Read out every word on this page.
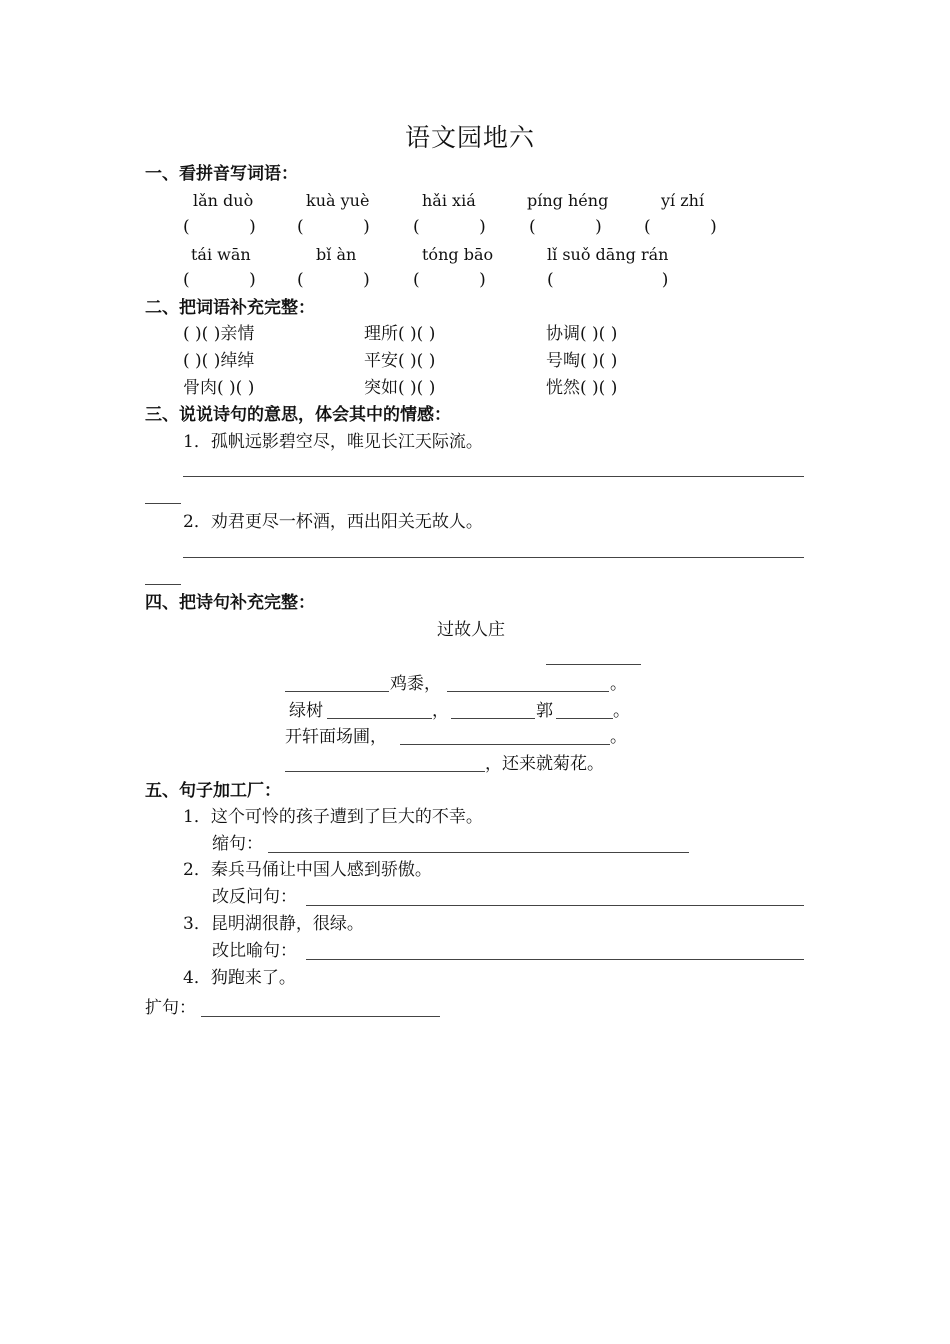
语文园地六
一、看拼音写词语：
lǎn duò	kuà yuè	hǎi xiá	píng héng	yí zhí
(           ) (           )	(           )	(           ) (           )
tái wān	bǐ àn	tóng bāo	lǐ suǒ dāng rán
(           ) (           )	(           )	(                    )
二、把词语补充完整：
( )( )亲情	理所( )( )	协调( )( )
( )( )绰绰	平安( )( )	号啕( )( )
骨肉( )( )	突如( )( )	恍然( )( )
三、说说诗句的意思，体会其中的情感：
1．孤帆远影碧空尽，唯见长江天际流。
2．劝君更尽一杯酒，西出阳关无故人。
四、把诗句补充完整：
过故人庄
鸡黍，	。
绿树	，	郭	。
开轩面场圃，	。
，还来就菊花。
五、句子加工厂：
1．这个可怜的孩子遭到了巨大的不幸。
缩句：
2．秦兵马俑让中国人感到骄傲。
改反问句：
3．昆明湖很静，很绿。
改比喻句：
4．狗跑来了。
扩句：
